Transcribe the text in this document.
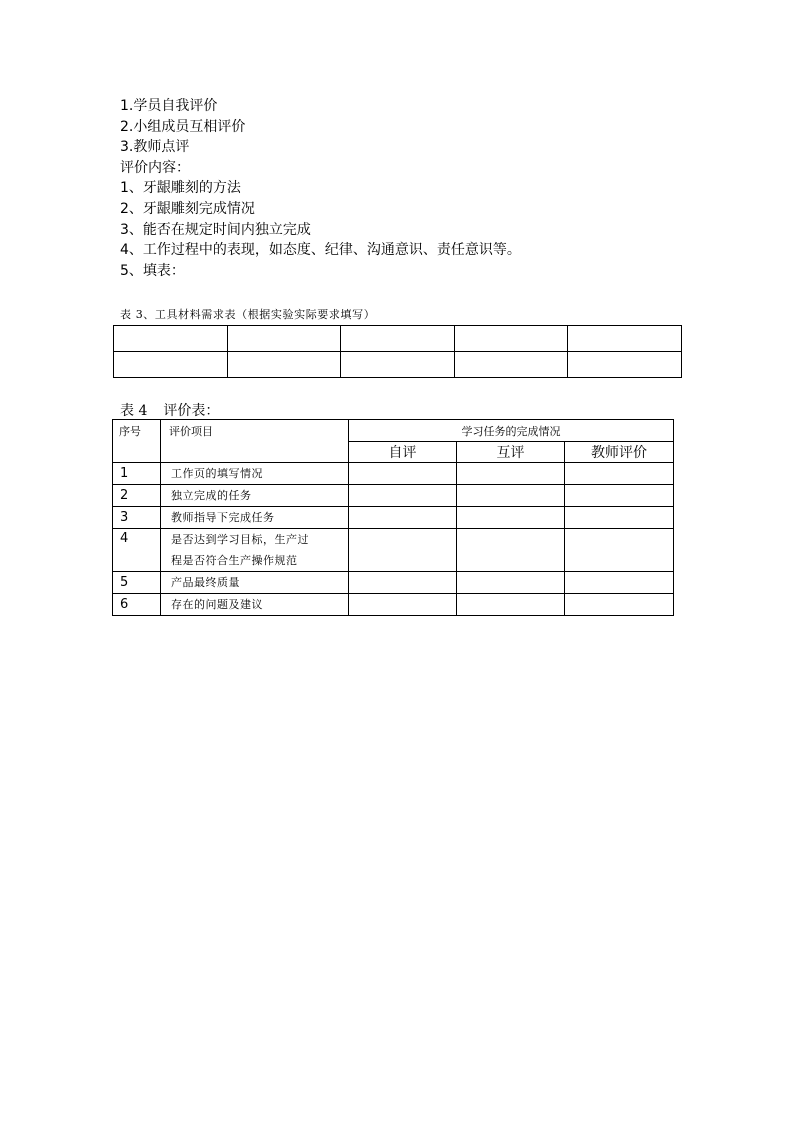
1.学员自我评价
2.小组成员互相评价
3.教师点评
评价内容：
1、牙龈雕刻的方法
2、牙龈雕刻完成情况
3、能否在规定时间内独立完成
4、工作过程中的表现，如态度、纪律、沟通意识、责任意识等。
5、填表：
表 3、工具材料需求表（根据实验实际要求填写）

表 4 评价表：
序号	评价项目	学习任务的完成情况		
		自评	互评	教师评价
1	工作页的填写情况			
2	独立完成的任务			
3	教师指导下完成任务			
4	是否达到学习目标，生产过
程是否符合生产操作规范			

5	产品最终质量			
6	存在的问题及建议			
